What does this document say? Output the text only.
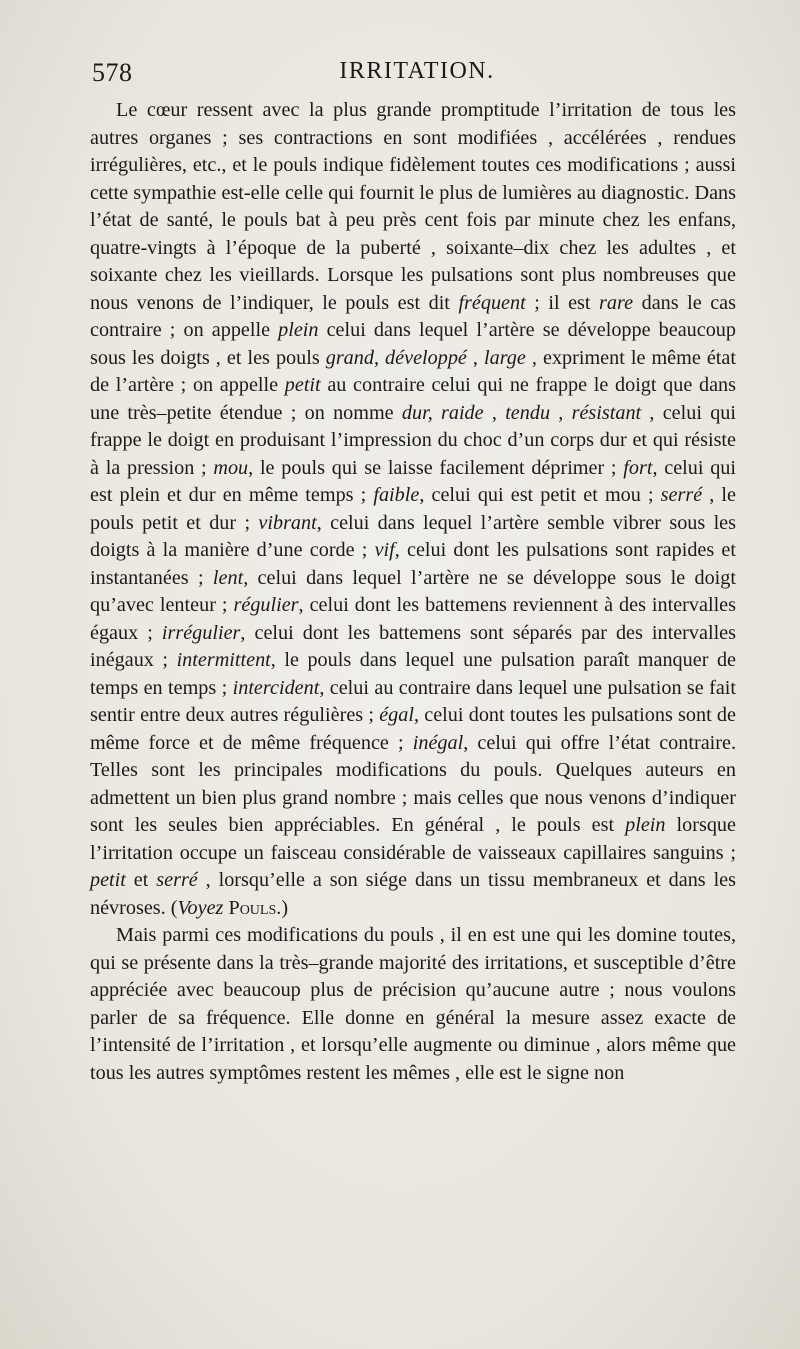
578	IRRITATION.

Le cœur ressent avec la plus grande promptitude l’irritation de tous les autres organes ; ses contractions en sont modifiées , accélérées , rendues irrégulières, etc., et le pouls indique fidèlement toutes ces modifications ; aussi cette sympathie est-elle celle qui fournit le plus de lumières au diagnostic. Dans l’état de santé, le pouls bat à peu près cent fois par minute chez les enfans, quatre-vingts à l’époque de la puberté , soixante–dix chez les adultes , et soixante chez les vieillards. Lorsque les pulsations sont plus nombreuses que nous venons de l’indiquer, le pouls est dit fréquent ; il est rare dans le cas contraire ; on appelle plein celui dans lequel l’artère se développe beaucoup sous les doigts , et les pouls grand, développé , large , expriment le même état de l’artère ; on appelle petit au contraire celui qui ne frappe le doigt que dans une très–petite étendue ; on nomme dur, raide , tendu , résistant , celui qui frappe le doigt en produisant l’impression du choc d’un corps dur et qui résiste à la pression ; mou, le pouls qui se laisse facilement déprimer ; fort, celui qui est plein et dur en même temps ; faible, celui qui est petit et mou ; serré , le pouls petit et dur ; vibrant, celui dans lequel l’artère semble vibrer sous les doigts à la manière d’une corde ; vif, celui dont les pulsations sont rapides et instantanées ; lent, celui dans lequel l’artère ne se développe sous le doigt qu’avec lenteur ; régulier, celui dont les battemens reviennent à des intervalles égaux ; irrégulier, celui dont les battemens sont séparés par des intervalles inégaux ; intermittent, le pouls dans lequel une pulsation paraît manquer de temps en temps ; intercident, celui au contraire dans lequel une pulsation se fait sentir entre deux autres régulières ; égal, celui dont toutes les pulsations sont de même force et de même fréquence ; inégal, celui qui offre l’état contraire. Telles sont les principales modifications du pouls. Quelques auteurs en admettent un bien plus grand nombre ; mais celles que nous venons d’indiquer sont les seules bien appréciables. En général , le pouls est plein lorsque l’irritation occupe un faisceau considérable de vaisseaux capillaires sanguins ; petit et serré , lorsqu’elle a son siége dans un tissu membraneux et dans les névroses. (Voyez Pouls.)

Mais parmi ces modifications du pouls , il en est une qui les domine toutes, qui se présente dans la très–grande majorité des irritations, et susceptible d’être appréciée avec beaucoup plus de précision qu’aucune autre ; nous voulons parler de sa fréquence. Elle donne en général la mesure assez exacte de l’intensité de l’irritation , et lorsqu’elle augmente ou diminue , alors même que tous les autres symptômes restent les mêmes , elle est le signe non
